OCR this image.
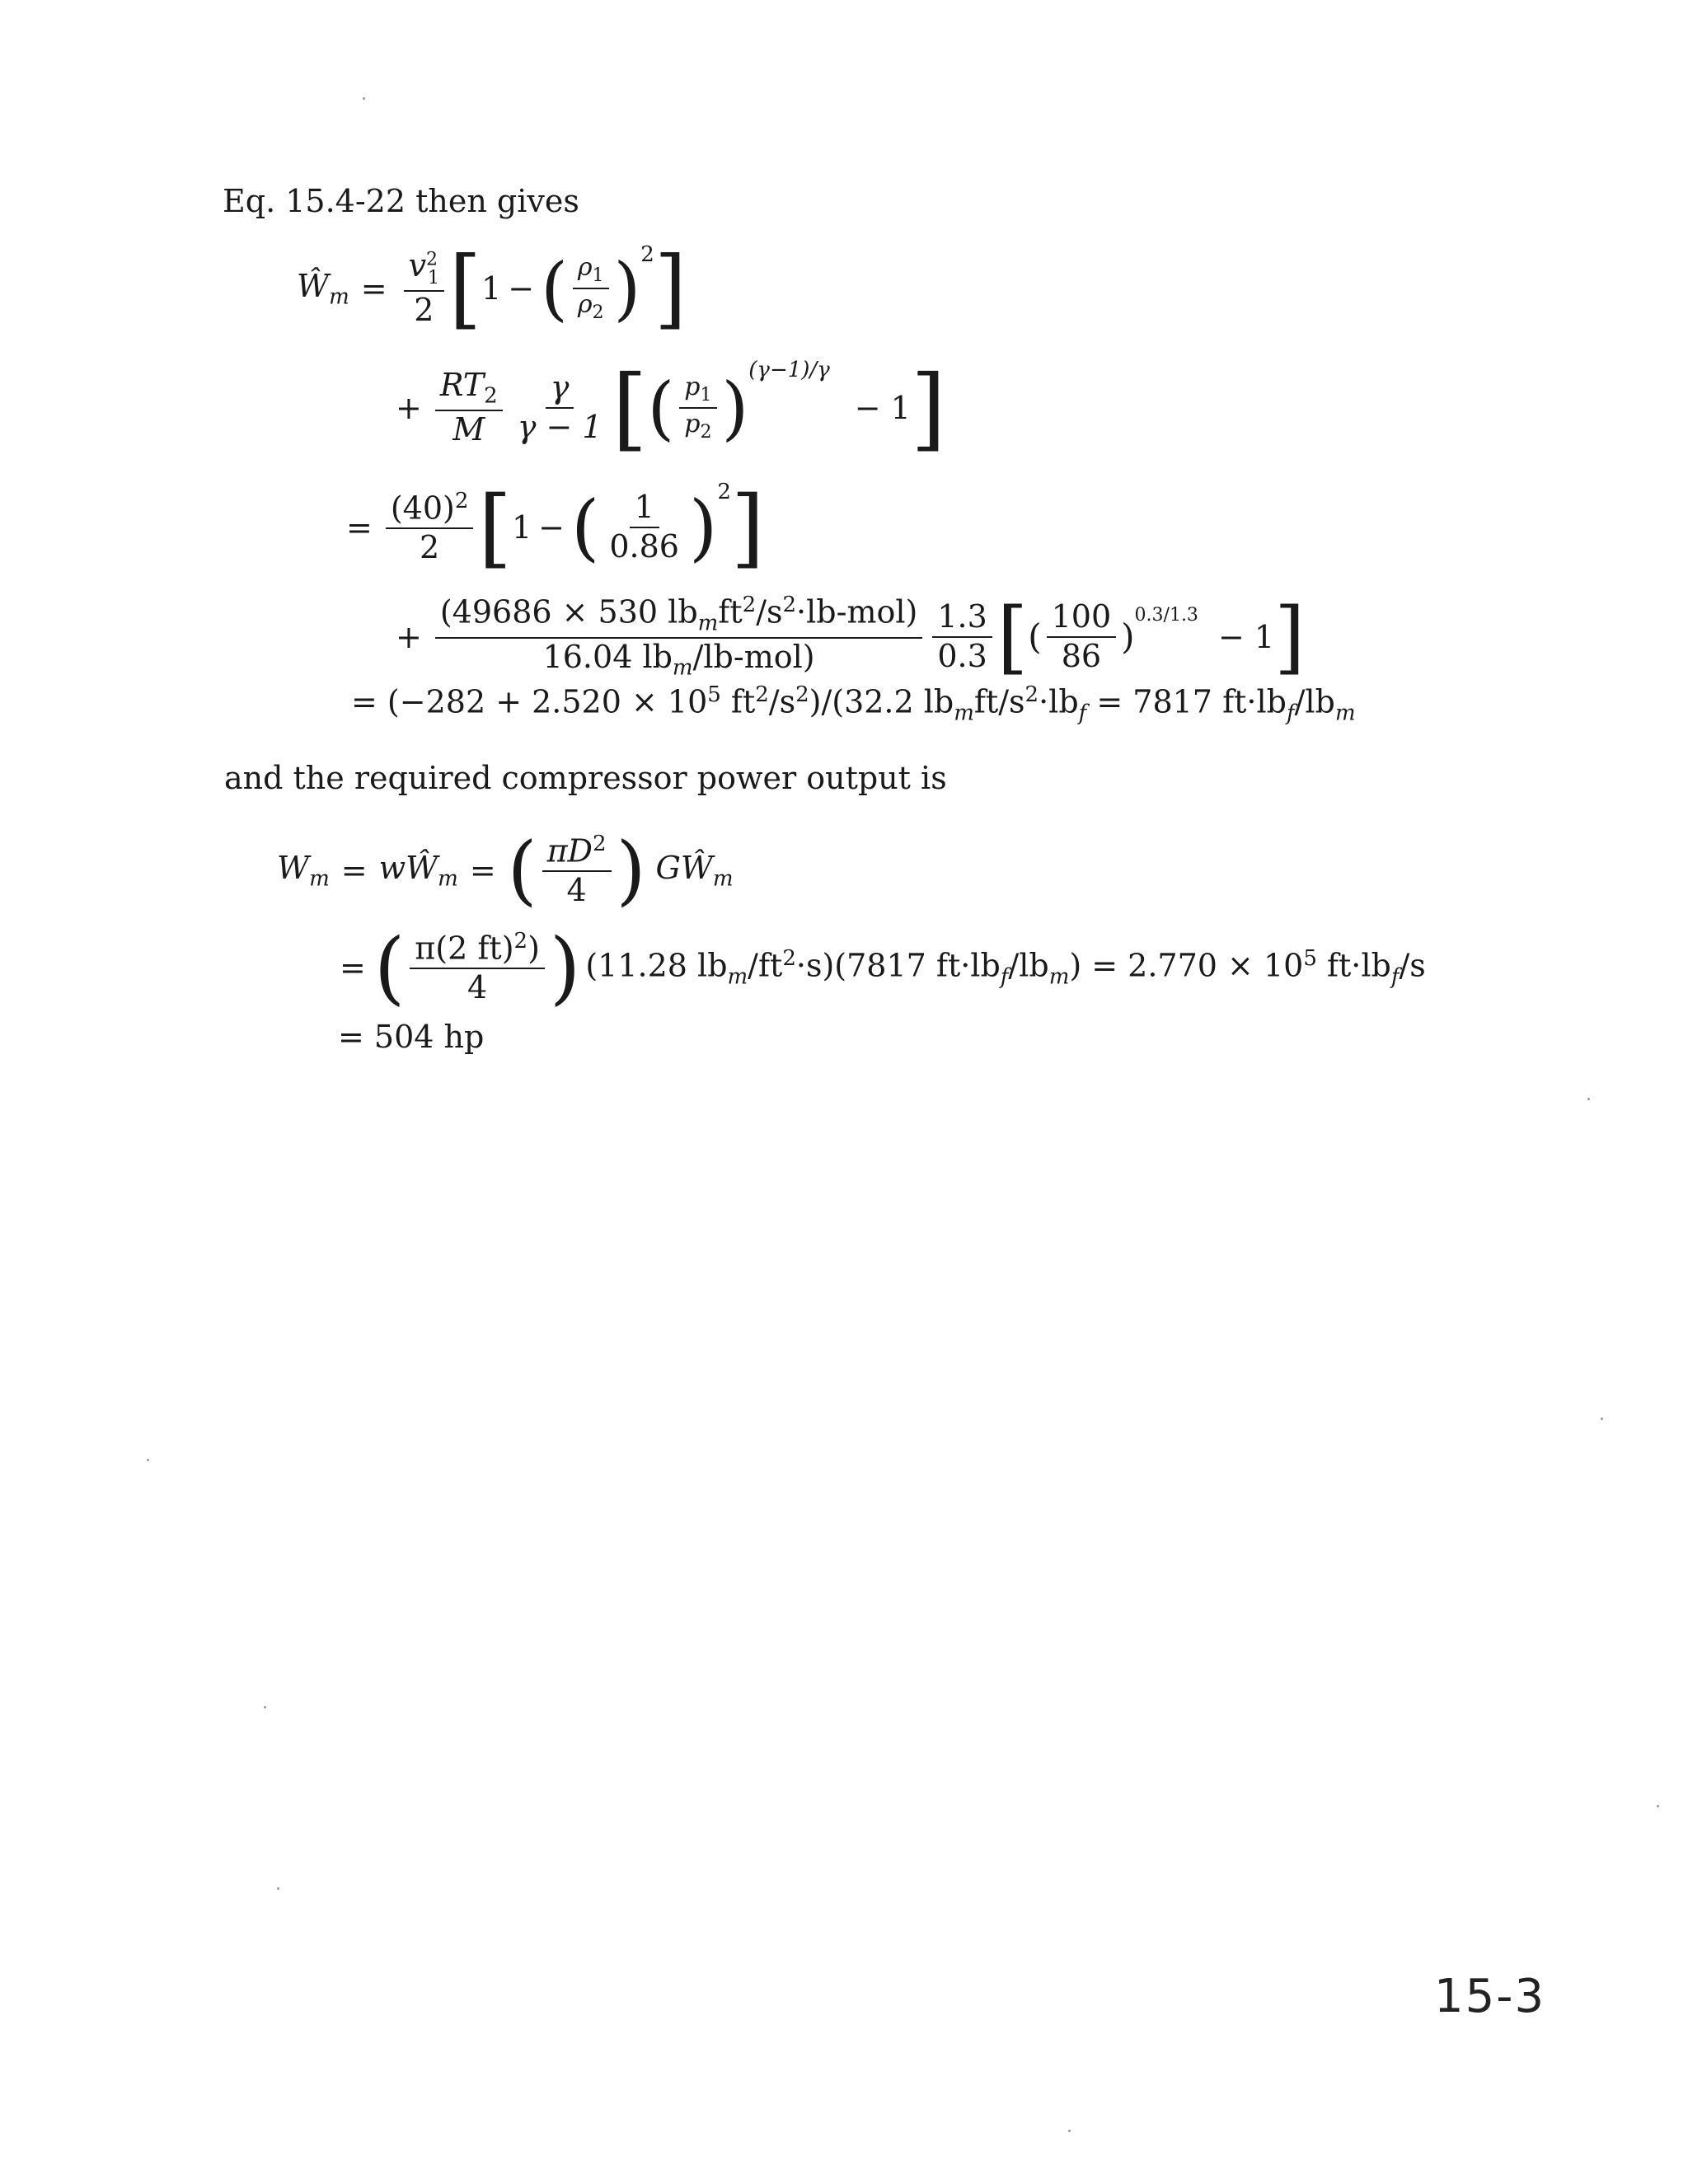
Eq. 15.4-22 then gives
$Ŵ_m = \frac{v^2_1}{2}$ [ 1 − ( $\frac{\rho_1}{\rho_2} )^2$ ]
+ $\frac{RT_2}{M} \frac{\gamma}{\gamma - 1}$ [ ( $\frac{p_1}{p_2} )^{(\gamma-1)/\gamma}$
− 1 ]
= $\frac{(40)^2}{2}$ [ 1 − ( $\frac{1}{0.86} )^2$ ]
+ $\frac{(49686 \times 530 lb_mft^2/s^2\cdot lb-mol)}{16.04 lb_m/lb-mol)} \frac{1.3}{0.3}$ [ ( $\frac{100}{86}$ )
$^{0.3/1.3}$
− 1 ]
= ($-282 + 2.520 \times 10^5$ $ft^2/s^2)/(32.2$ $lb_mft/s^2\cdot lb_f = 7817$ $ft\cdot lb_f/lb_m$
and the required compressor power output is
$W_m$ = $wŴ_m$ = ( $\frac{\pi D^2}{4}$ ) $GŴ_m$
= ( $\frac{\pi(2 ft)^2)}{4}$ ) (11.28 $lb_m/ft^2\cdot s)(7817$ $ft\cdot lb_f/lb_m) = 2.770 \times 10^5$ $ft\cdot lb_f/s$
= 504 hp
15-3
